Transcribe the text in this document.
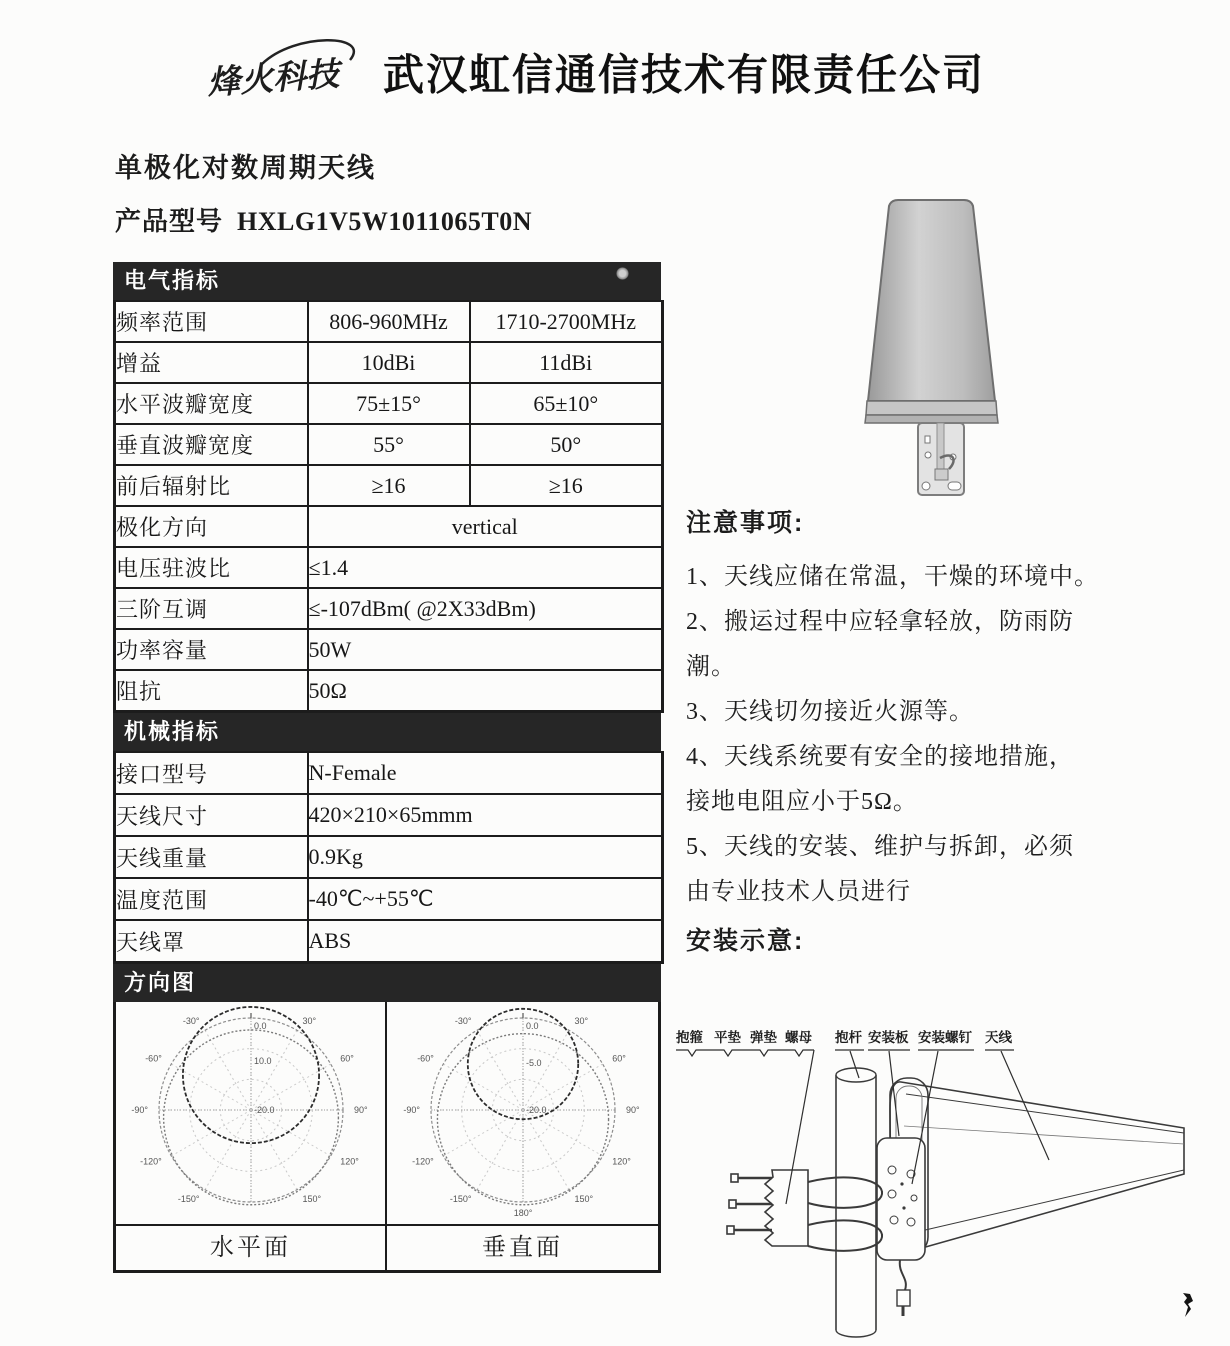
烽火科技 武汉虹信通信技术有限责任公司
单极化对数周期天线
产品型号 HXLG1V5W1011065T0N
电气指标
频率范围	806-960MHz	1710-2700MHz
增益	10dBi	11dBi
水平波瓣宽度	75±15°	65±10°
垂直波瓣宽度	55°	50°
前后辐射比	≥16	≥16
极化方向	vertical	
电压驻波比	≤1.4	
三阶互调	≤-107dBm( @2X33dBm)	
功率容量	50W	
阻抗	50Ω	
机械指标
接口型号	N-Female
天线尺寸	420×210×65mmm
天线重量	0.9Kg
温度范围	-40℃~+55℃
天线罩	ABS
方向图
-30°	30°
-60°	60°
-90°	90°
-120°	120°
-150°	150°
0.0
10.0
-20.0
-30°	30°
-60°	60°
-90°	90°
-120°	120°
-150°	150°
180°
0.0
-5.0
-20.0
水平面	垂直面
注意事项:
1、天线应储在常温，干燥的环境中。
2、搬运过程中应轻拿轻放，防雨防
潮。
3、天线切勿接近火源等。
4、天线系统要有安全的接地措施，
接地电阻应小于5Ω。
5、天线的安装、维护与拆卸，必须
由专业技术人员进行
安装示意:
抱箍 平垫 弹垫 螺母 抱杆 安装板 安装螺钉 天线
